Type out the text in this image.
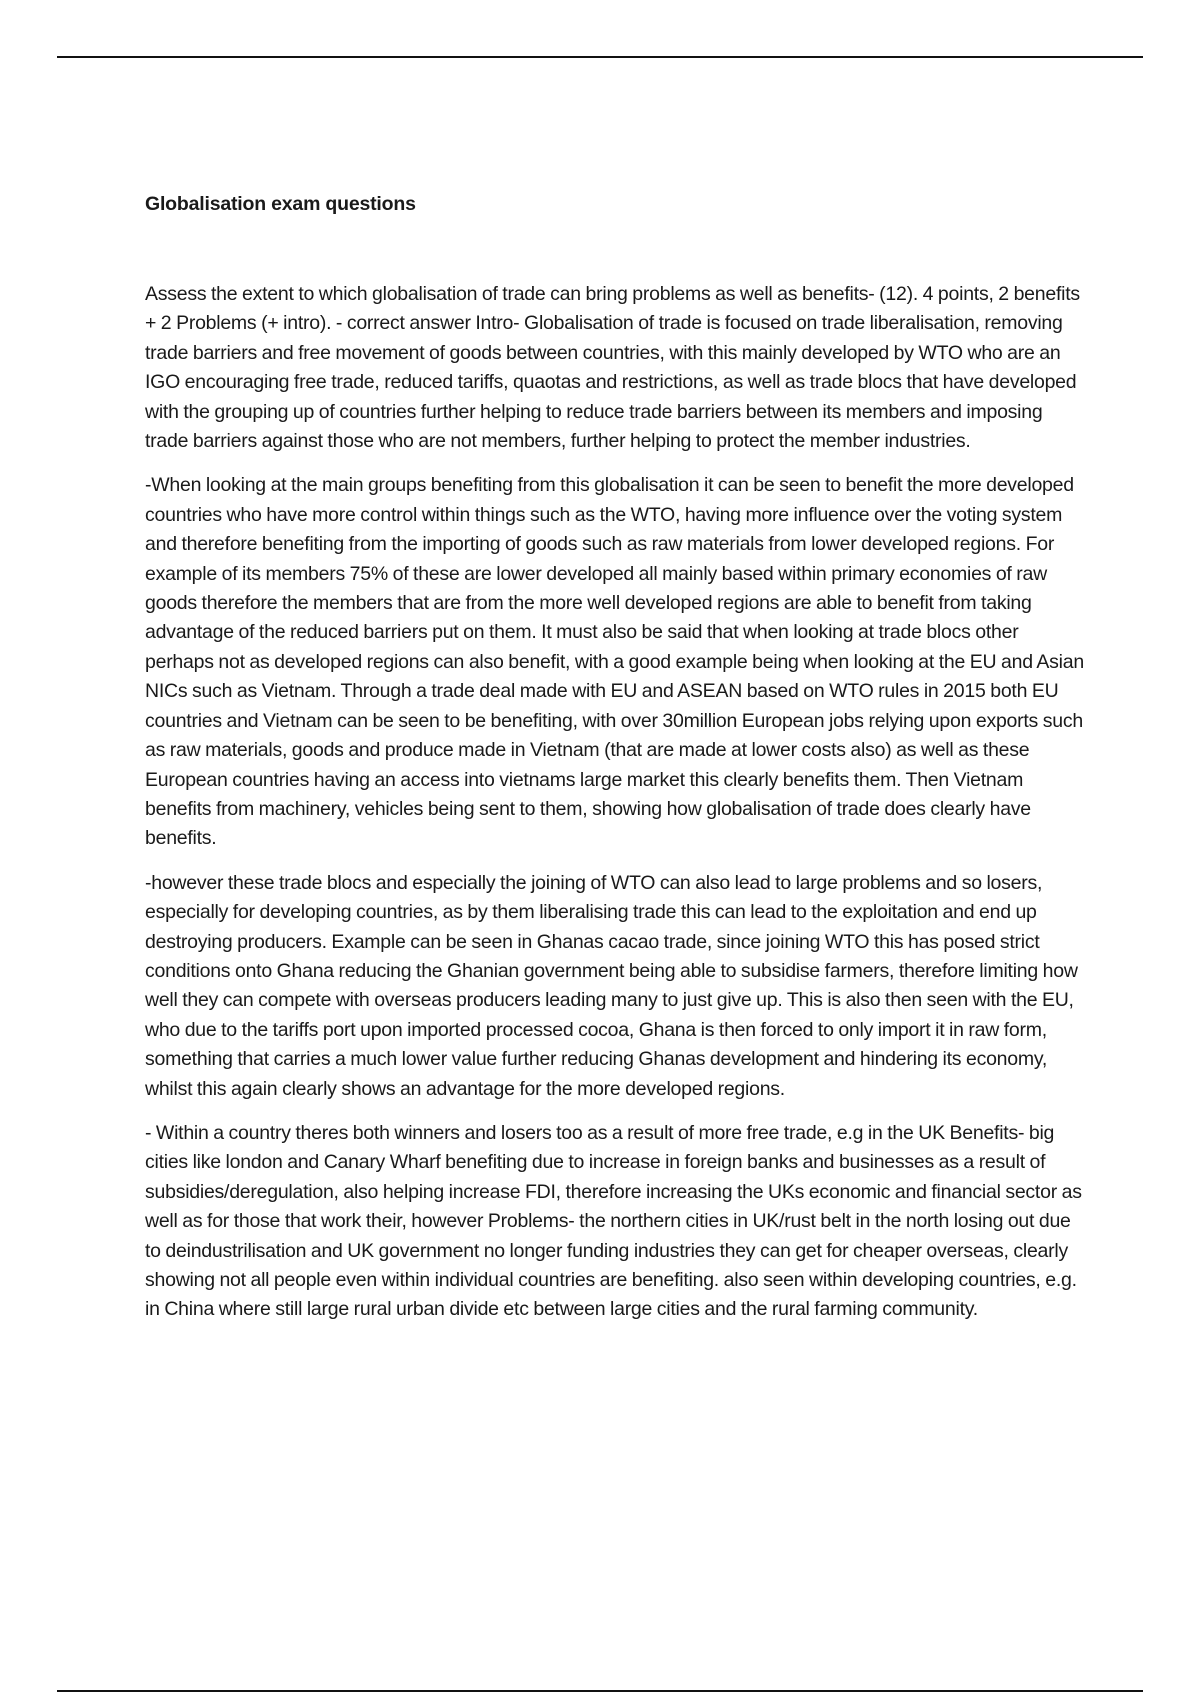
Globalisation exam questions

Assess the extent to which globalisation of trade can bring problems as well as benefits- (12). 4 points, 2 benefits + 2 Problems (+ intro). - correct answer Intro- Globalisation of trade is focused on trade liberalisation, removing trade barriers and free movement of goods between countries, with this mainly developed by WTO who are an IGO encouraging free trade, reduced tariffs, quaotas and restrictions, as well as trade blocs that have developed with the grouping up of countries further helping to reduce trade barriers between its members and imposing trade barriers against those who are not members, further helping to protect the member industries.

-When looking at the main groups benefiting from this globalisation it can be seen to benefit the more developed countries who have more control within things such as the WTO, having more influence over the voting system and therefore benefiting from the importing of goods such as raw materials from lower developed regions. For example of its members 75% of these are lower developed all mainly based within primary economies of raw goods therefore the members that are from the more well developed regions are able to benefit from taking advantage of the reduced barriers put on them. It must also be said that when looking at trade blocs other perhaps not as developed regions can also benefit, with a good example being when looking at the EU and Asian NICs such as Vietnam. Through a trade deal made with EU and ASEAN based on WTO rules in 2015 both EU countries and Vietnam can be seen to be benefiting, with over 30million European jobs relying upon exports such as raw materials, goods and produce made in Vietnam (that are made at lower costs also) as well as these European countries having an access into vietnams large market this clearly benefits them. Then Vietnam benefits from machinery, vehicles being sent to them, showing how globalisation of trade does clearly have benefits.

-however these trade blocs and especially the joining of WTO can also lead to large problems and so losers, especially for developing countries, as by them liberalising trade this can lead to the exploitation and end up destroying producers. Example can be seen in Ghanas cacao trade, since joining WTO this has posed strict conditions onto Ghana reducing the Ghanian government being able to subsidise farmers, therefore limiting how well they can compete with overseas producers leading many to just give up. This is also then seen with the EU, who due to the tariffs port upon imported processed cocoa, Ghana is then forced to only import it in raw form, something that carries a much lower value further reducing Ghanas development and hindering its economy, whilst this again clearly shows an advantage for the more developed regions.

- Within a country theres both winners and losers too as a result of more free trade, e.g in the UK Benefits- big cities like london and Canary Wharf benefiting due to increase in foreign banks and businesses as a result of subsidies/deregulation, also helping increase FDI, therefore increasing the UKs economic and financial sector as well as for those that work their, however Problems- the northern cities in UK/rust belt in the north losing out due to deindustrilisation and UK government no longer funding industries they can get for cheaper overseas, clearly showing not all people even within individual countries are benefiting. also seen within developing countries, e.g. in China where still large rural urban divide etc between large cities and the rural farming community.
